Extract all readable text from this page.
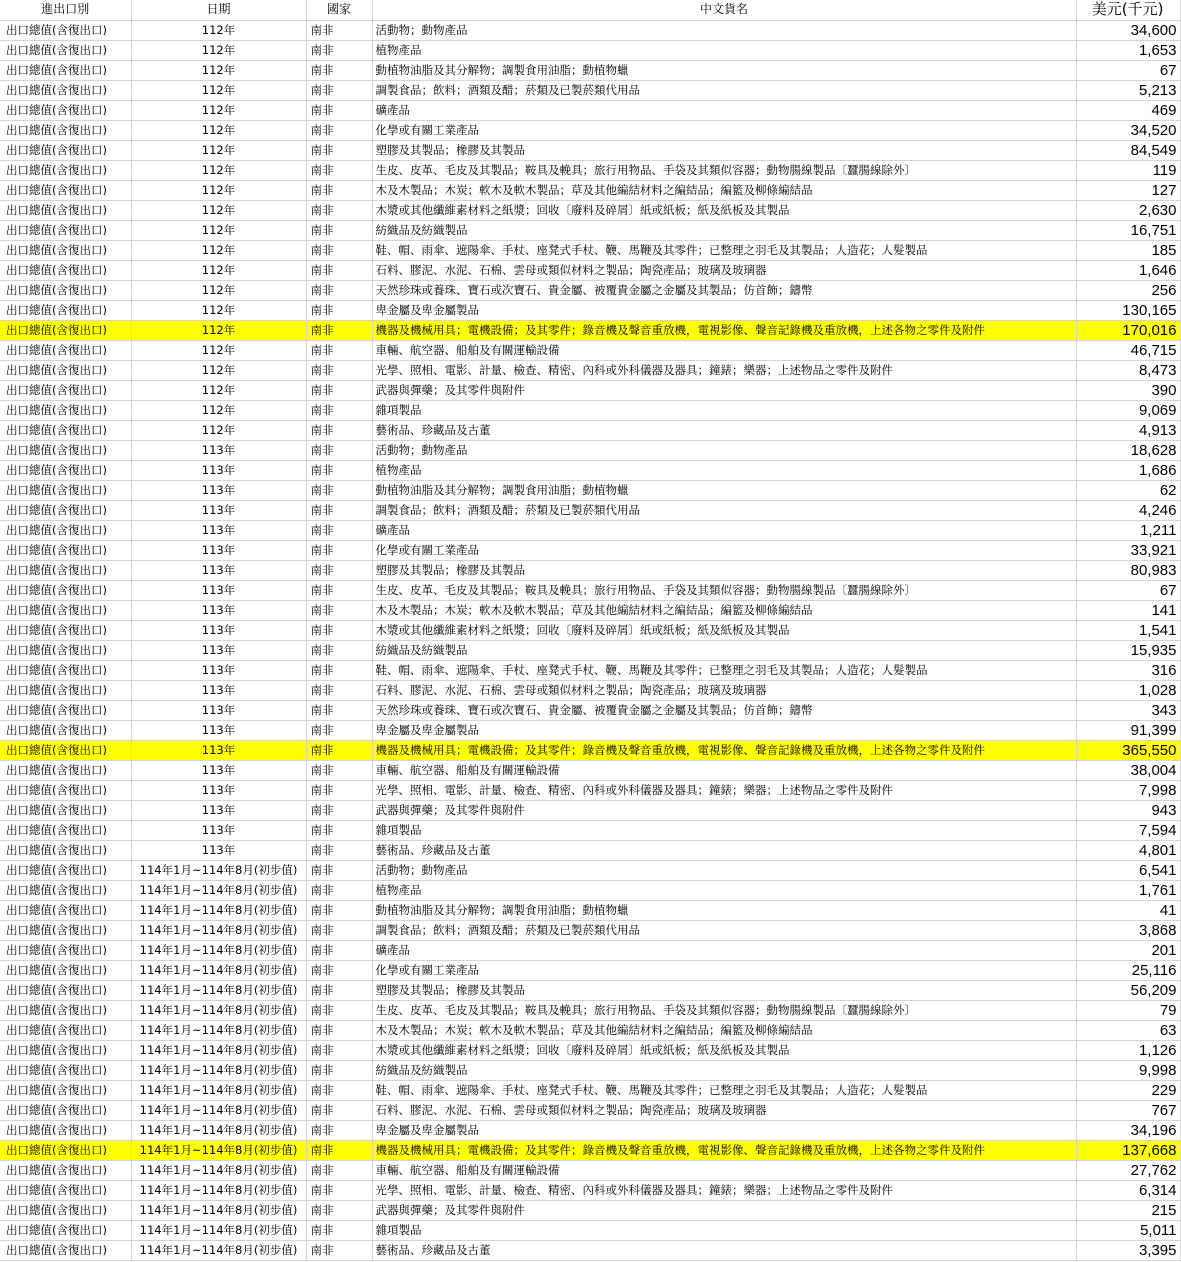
進出口別	日期	國家	中文貨名	美元(千元)
出口總值(含復出口)	112年	南非	活動物；動物產品	34,600
出口總值(含復出口)	112年	南非	植物產品	1,653
出口總值(含復出口)	112年	南非	動植物油脂及其分解物；調製食用油脂；動植物蠟	67
出口總值(含復出口)	112年	南非	調製食品；飲料；酒類及醋；菸類及已製菸類代用品	5,213
出口總值(含復出口)	112年	南非	礦產品	469
出口總值(含復出口)	112年	南非	化學或有關工業產品	34,520
出口總值(含復出口)	112年	南非	塑膠及其製品；橡膠及其製品	84,549
出口總值(含復出口)	112年	南非	生皮、皮革、毛皮及其製品；鞍具及輓具；旅行用物品、手袋及其類似容器；動物腸線製品〔蠶腸線除外〕	119
出口總值(含復出口)	112年	南非	木及木製品；木炭；軟木及軟木製品；草及其他編結材料之編結品；編籃及柳條編結品	127
出口總值(含復出口)	112年	南非	木漿或其他纖維素材料之紙漿；回收〔廢料及碎屑〕紙或紙板；紙及紙板及其製品	2,630
出口總值(含復出口)	112年	南非	紡織品及紡織製品	16,751
出口總值(含復出口)	112年	南非	鞋、帽、雨傘、遮陽傘、手杖、座凳式手杖、鞭、馬鞭及其零件；已整理之羽毛及其製品；人造花；人髮製品	185
出口總值(含復出口)	112年	南非	石料、膠泥、水泥、石棉、雲母或類似材料之製品；陶瓷產品；玻璃及玻璃器	1,646
出口總值(含復出口)	112年	南非	天然珍珠或養珠、寶石或次寶石、貴金屬、被覆貴金屬之金屬及其製品；仿首飾；鑄幣	256
出口總值(含復出口)	112年	南非	卑金屬及卑金屬製品	130,165
出口總值(含復出口)	112年	南非	機器及機械用具；電機設備；及其零件；錄音機及聲音重放機，電視影像、聲音記錄機及重放機，上述各物之零件及附件	170,016
出口總值(含復出口)	112年	南非	車輛、航空器、船舶及有關運輸設備	46,715
出口總值(含復出口)	112年	南非	光學、照相、電影、計量、檢查、精密、內科或外科儀器及器具；鐘錶；樂器；上述物品之零件及附件	8,473
出口總值(含復出口)	112年	南非	武器與彈藥；及其零件與附件	390
出口總值(含復出口)	112年	南非	雜項製品	9,069
出口總值(含復出口)	112年	南非	藝術品、珍藏品及古董	4,913
出口總值(含復出口)	113年	南非	活動物；動物產品	18,628
出口總值(含復出口)	113年	南非	植物產品	1,686
出口總值(含復出口)	113年	南非	動植物油脂及其分解物；調製食用油脂；動植物蠟	62
出口總值(含復出口)	113年	南非	調製食品；飲料；酒類及醋；菸類及已製菸類代用品	4,246
出口總值(含復出口)	113年	南非	礦產品	1,211
出口總值(含復出口)	113年	南非	化學或有關工業產品	33,921
出口總值(含復出口)	113年	南非	塑膠及其製品；橡膠及其製品	80,983
出口總值(含復出口)	113年	南非	生皮、皮革、毛皮及其製品；鞍具及輓具；旅行用物品、手袋及其類似容器；動物腸線製品〔蠶腸線除外〕	67
出口總值(含復出口)	113年	南非	木及木製品；木炭；軟木及軟木製品；草及其他編結材料之編結品；編籃及柳條編結品	141
出口總值(含復出口)	113年	南非	木漿或其他纖維素材料之紙漿；回收〔廢料及碎屑〕紙或紙板；紙及紙板及其製品	1,541
出口總值(含復出口)	113年	南非	紡織品及紡織製品	15,935
出口總值(含復出口)	113年	南非	鞋、帽、雨傘、遮陽傘、手杖、座凳式手杖、鞭、馬鞭及其零件；已整理之羽毛及其製品；人造花；人髮製品	316
出口總值(含復出口)	113年	南非	石料、膠泥、水泥、石棉、雲母或類似材料之製品；陶瓷產品；玻璃及玻璃器	1,028
出口總值(含復出口)	113年	南非	天然珍珠或養珠、寶石或次寶石、貴金屬、被覆貴金屬之金屬及其製品；仿首飾；鑄幣	343
出口總值(含復出口)	113年	南非	卑金屬及卑金屬製品	91,399
出口總值(含復出口)	113年	南非	機器及機械用具；電機設備；及其零件；錄音機及聲音重放機，電視影像、聲音記錄機及重放機，上述各物之零件及附件	365,550
出口總值(含復出口)	113年	南非	車輛、航空器、船舶及有關運輸設備	38,004
出口總值(含復出口)	113年	南非	光學、照相、電影、計量、檢查、精密、內科或外科儀器及器具；鐘錶；樂器；上述物品之零件及附件	7,998
出口總值(含復出口)	113年	南非	武器與彈藥；及其零件與附件	943
出口總值(含復出口)	113年	南非	雜項製品	7,594
出口總值(含復出口)	113年	南非	藝術品、珍藏品及古董	4,801
出口總值(含復出口)	114年1月~114年8月(初步值)	南非	活動物；動物產品	6,541
出口總值(含復出口)	114年1月~114年8月(初步值)	南非	植物產品	1,761
出口總值(含復出口)	114年1月~114年8月(初步值)	南非	動植物油脂及其分解物；調製食用油脂；動植物蠟	41
出口總值(含復出口)	114年1月~114年8月(初步值)	南非	調製食品；飲料；酒類及醋；菸類及已製菸類代用品	3,868
出口總值(含復出口)	114年1月~114年8月(初步值)	南非	礦產品	201
出口總值(含復出口)	114年1月~114年8月(初步值)	南非	化學或有關工業產品	25,116
出口總值(含復出口)	114年1月~114年8月(初步值)	南非	塑膠及其製品；橡膠及其製品	56,209
出口總值(含復出口)	114年1月~114年8月(初步值)	南非	生皮、皮革、毛皮及其製品；鞍具及輓具；旅行用物品、手袋及其類似容器；動物腸線製品〔蠶腸線除外〕	79
出口總值(含復出口)	114年1月~114年8月(初步值)	南非	木及木製品；木炭；軟木及軟木製品；草及其他編結材料之編結品；編籃及柳條編結品	63
出口總值(含復出口)	114年1月~114年8月(初步值)	南非	木漿或其他纖維素材料之紙漿；回收〔廢料及碎屑〕紙或紙板；紙及紙板及其製品	1,126
出口總值(含復出口)	114年1月~114年8月(初步值)	南非	紡織品及紡織製品	9,998
出口總值(含復出口)	114年1月~114年8月(初步值)	南非	鞋、帽、雨傘、遮陽傘、手杖、座凳式手杖、鞭、馬鞭及其零件；已整理之羽毛及其製品；人造花；人髮製品	229
出口總值(含復出口)	114年1月~114年8月(初步值)	南非	石料、膠泥、水泥、石棉、雲母或類似材料之製品；陶瓷產品；玻璃及玻璃器	767
出口總值(含復出口)	114年1月~114年8月(初步值)	南非	卑金屬及卑金屬製品	34,196
出口總值(含復出口)	114年1月~114年8月(初步值)	南非	機器及機械用具；電機設備；及其零件；錄音機及聲音重放機，電視影像、聲音記錄機及重放機，上述各物之零件及附件	137,668
出口總值(含復出口)	114年1月~114年8月(初步值)	南非	車輛、航空器、船舶及有關運輸設備	27,762
出口總值(含復出口)	114年1月~114年8月(初步值)	南非	光學、照相、電影、計量、檢查、精密、內科或外科儀器及器具；鐘錶；樂器；上述物品之零件及附件	6,314
出口總值(含復出口)	114年1月~114年8月(初步值)	南非	武器與彈藥；及其零件與附件	215
出口總值(含復出口)	114年1月~114年8月(初步值)	南非	雜項製品	5,011
出口總值(含復出口)	114年1月~114年8月(初步值)	南非	藝術品、珍藏品及古董	3,395
